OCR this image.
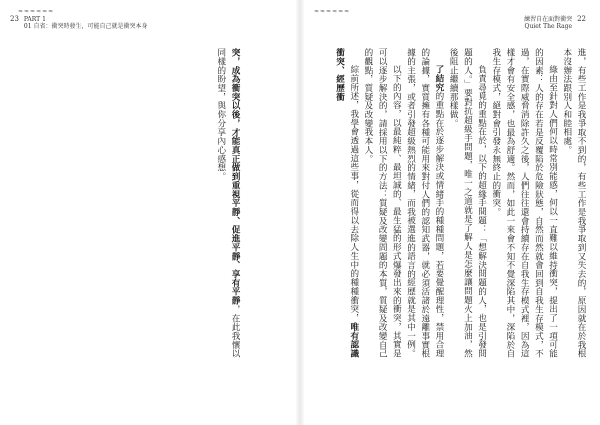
23 PART 1
01 自省：衝突時發生，可能自己就是衝突本身
≈≈≈≈≈≈
突，成為衝突以後，才能真正做到重視平靜、促進平靜、享有平靜，在此我懷以同樣的盼望，與你分享內心感想。
≈≈≈≈≈≈
練習自在面對衝突
Quiet The Rage
22
進，有些工作是我爭取不到的，有些工作是我爭取到又失去的，原因就在於我根本沒辦法跟別人和睦相處。
綠由至針對人們何以時常別能感，何以一直難以維持衝突，提出了一項可能的因素：人的存在若是反覆陷於危險狀態，自然而然就會回到自我生存模式，不過，在實際威脅消除許久之後，人們往往還會持續存在自我生存模式裡，因為這樣才會有安全感，也最為舒適。然而，如此一來會不知不覺深陷其中，深陷於自我生存模式，絕對會引發永無終止的衝突。
負責尋覓的重點在於，以下的超緣手間題：「想解決問題的人，也是引發問題的人。」要對抗超級手問題，唯一之道就是了解人是怎麼讓問題火上加油，然後阻止繼續那樣做。
了結究的重點在於逐步解決或情緒手的種種問題，若要覺醒理性，禁用合理的論據，實質擁有各種可能用來對付人們的認知武器，就必須活諸於遠離事實根據的主張，或者引發超級熱烈的情緒，而我被選進的語言的經歷就是其中一例。
以下的內容，以最純粹、最坦誠的、最生猛的形式爆發出來的衝突，其實是可以逐步解決的，請採用以下的方法：質疑及改變問題的本質，質疑及改變自己的觀點，質疑及改變我本人。
綜前所述，我學會透過這些事，從而得以去除人生中的種種衝突，唯有認識衝突、經歷衝
